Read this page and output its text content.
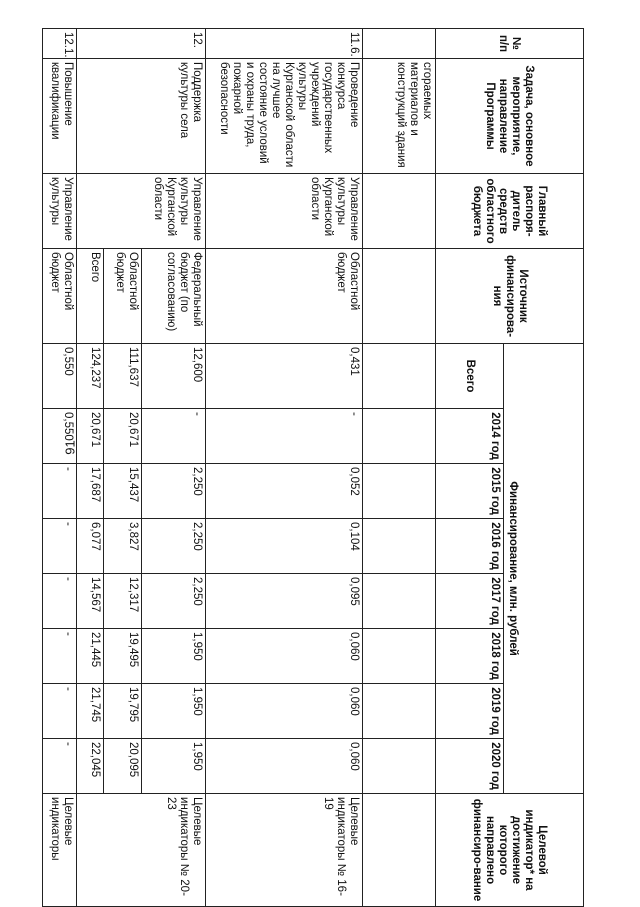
91
№ п/п	Задача, основное мероприятие, направление Программы	Главный распоря-дитель средств областного бюджета	Источник финансирова-ния	Финансирование, млн. рублей								Целевой индикатор* на достижение которого направлено финансиро-вание
				Всего	2014 год	2015 год	2016 год	2017 год	2018 год	2019 год	2020 год	
	сгораемых материалов и конструкций здания											
11.6.	Проведение конкурса государственных учреждений культуры Курганской области на лучшее состояние условий и охраны труда, пожарной безопасности	Управление культуры Курганской области	Областной бюджет	0,431	-	0,052	0,104	0,095	0,060	0,060	0,060	Целевые индикаторы № 16-19
12.	Поддержка культуры села	Управление культуры Курганской области	Федеральный бюджет (по согласованию)	12,600	-	2,250	2,250	2,250	1,950	1,950	1,950	Целевые индикаторы № 20-23
			Областной бюджет	111,637	20,671	15,437	3,827	12,317	19,495	19,795	20,095	
			Всего	124,237	20,671	17,687	6,077	14,567	21,445	21,745	22,045	
12.1.	Повышение квалификации	Управление культуры	Областной бюджет	0,550	0,550	-	-	-	-	-	-	Целевые индикаторы
